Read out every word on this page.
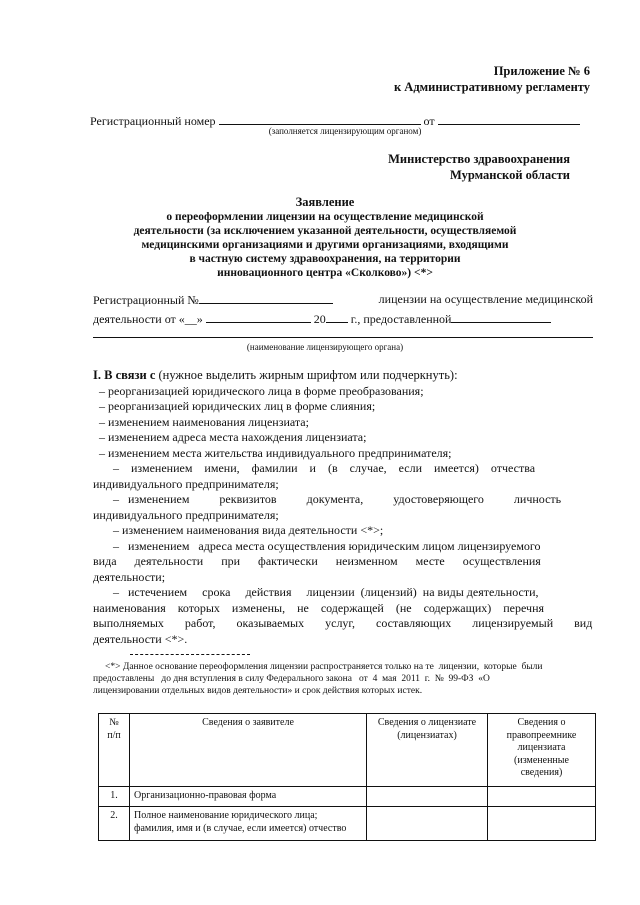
Приложение № 6
к Административному регламенту
Регистрационный номер	от
(заполняется лицензирующим органом)
Министерство здравоохранения
Мурманской области
Заявление
о переоформлении лицензии на осуществление медицинской
деятельности (за исключением указанной деятельности, осуществляемой
медицинскими организациями и другими организациями, входящими
в частную систему здравоохранения, на территории
инновационного центра «Сколково») <*>
Регистрационный №	лицензии на осуществление медицинской
деятельности от «__»	20 г., предоставленной
(наименование лицензирующего органа)
I. В связи с (нужное выделить жирным шрифтом или подчеркнуть):
– реорганизацией юридического лица в форме преобразования;
– реорганизацией юридических лиц в форме слияния;
– изменением наименования лицензиата;
– изменением адреса места нахождения лицензиата;
– изменением места жительства индивидуального предпринимателя;
–    изменением    имени,    фамилии    и    (в    случае,    если    имеется)    отчества
индивидуального предпринимателя;
–   изменением          реквизитов          документа,          удостоверяющего          личность
индивидуального предпринимателя;
– изменением наименования вида деятельности <*>;
–   изменением   адреса места осуществления юридическим лицом лицензируемого
вида      деятельности      при      фактически      неизменном      месте      осуществления
деятельности;
–   истечением     срока     действия     лицензии  (лицензий)  на виды деятельности,
наименования    которых    изменены,    не    содержащей    (не    содержащих)    перечня
выполняемых       работ,       оказываемых       услуг,       составляющих       лицензируемый       вид
деятельности <*>.
<*> Данное основание переоформления лицензии распространяется только на те  лицензии,  которые  были
предоставлены   до дня вступления в силу Федерального закона   от  4  мая  2011  г.  №  99-ФЗ  «О
лицензировании отдельных видов деятельности» и срок действия которых истек.
№
п/п	Сведения о заявителе	Сведения о лицензиате
(лицензиатах)	Сведения о
правопреемнике
лицензиата
(измененные
сведения)
1.	Организационно-правовая форма		
2.	Полное наименование юридического лица;
фамилия, имя и (в случае, если имеется) отчество		
